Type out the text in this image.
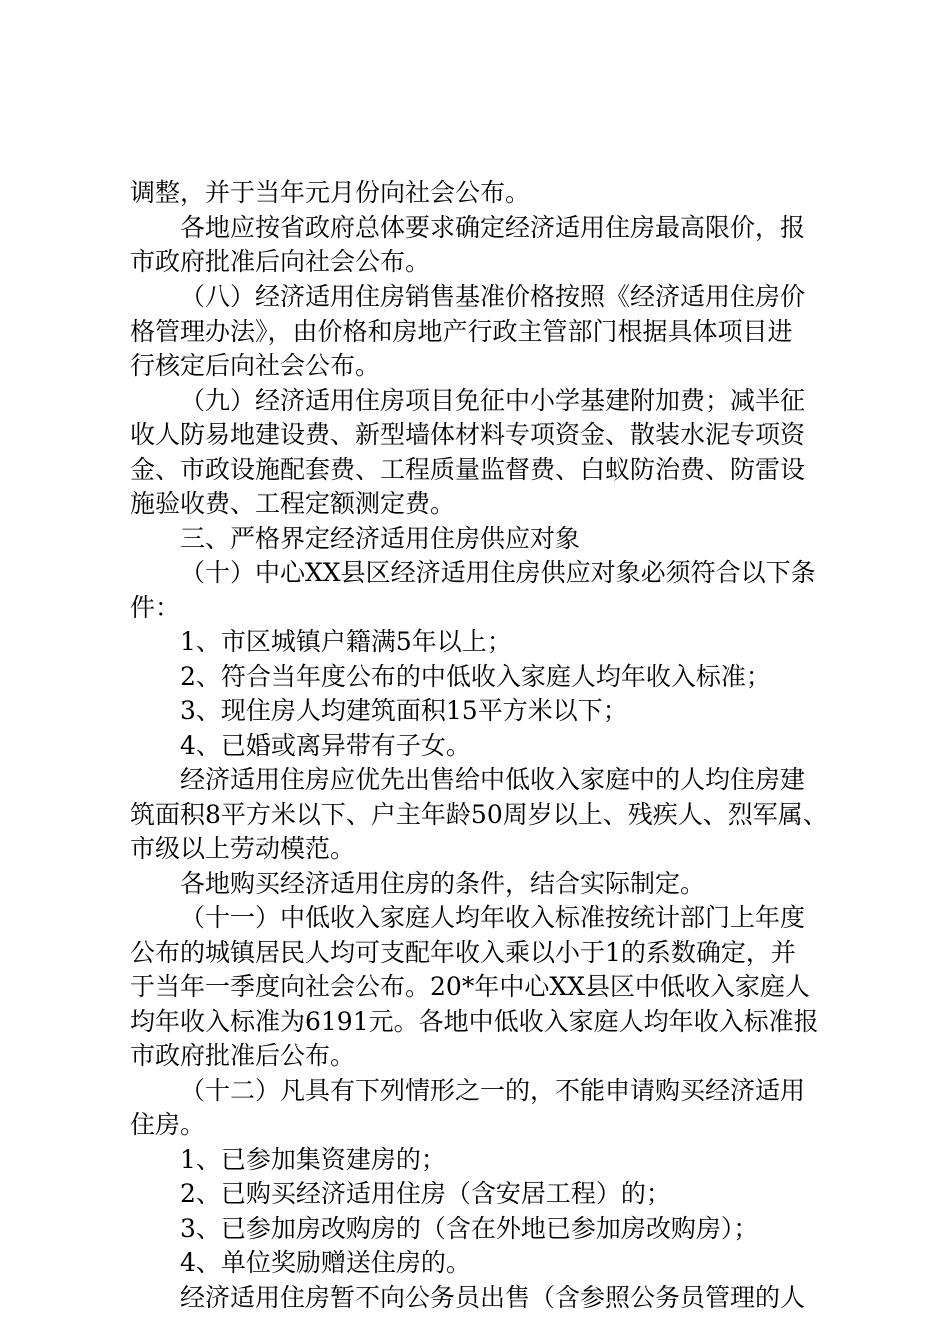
调整，并于当年元月份向社会公布。
各地应按省政府总体要求确定经济适用住房最高限价，报
市政府批准后向社会公布。
（八）经济适用住房销售基准价格按照《经济适用住房价
格管理办法》，由价格和房地产行政主管部门根据具体项目进
行核定后向社会公布。
（九）经济适用住房项目免征中小学基建附加费；减半征
收人防易地建设费、新型墙体材料专项资金、散装水泥专项资
金、市政设施配套费、工程质量监督费、白蚁防治费、防雷设
施验收费、工程定额测定费。
三、严格界定经济适用住房供应对象
（十）中心XX县区经济适用住房供应对象必须符合以下条
件：
1、市区城镇户籍满5年以上；
2、符合当年度公布的中低收入家庭人均年收入标准；
3、现住房人均建筑面积15平方米以下；
4、已婚或离异带有子女。
经济适用住房应优先出售给中低收入家庭中的人均住房建
筑面积8平方米以下、户主年龄50周岁以上、残疾人、烈军属、
市级以上劳动模范。
各地购买经济适用住房的条件，结合实际制定。
（十一）中低收入家庭人均年收入标准按统计部门上年度
公布的城镇居民人均可支配年收入乘以小于1的系数确定，并
于当年一季度向社会公布。20*年中心XX县区中低收入家庭人
均年收入标准为6191元。各地中低收入家庭人均年收入标准报
市政府批准后公布。
（十二）凡具有下列情形之一的，不能申请购买经济适用
住房。
1、已参加集资建房的；
2、已购买经济适用住房（含安居工程）的；
3、已参加房改购房的（含在外地已参加房改购房）；
4、单位奖励赠送住房的。
经济适用住房暂不向公务员出售（含参照公务员管理的人
